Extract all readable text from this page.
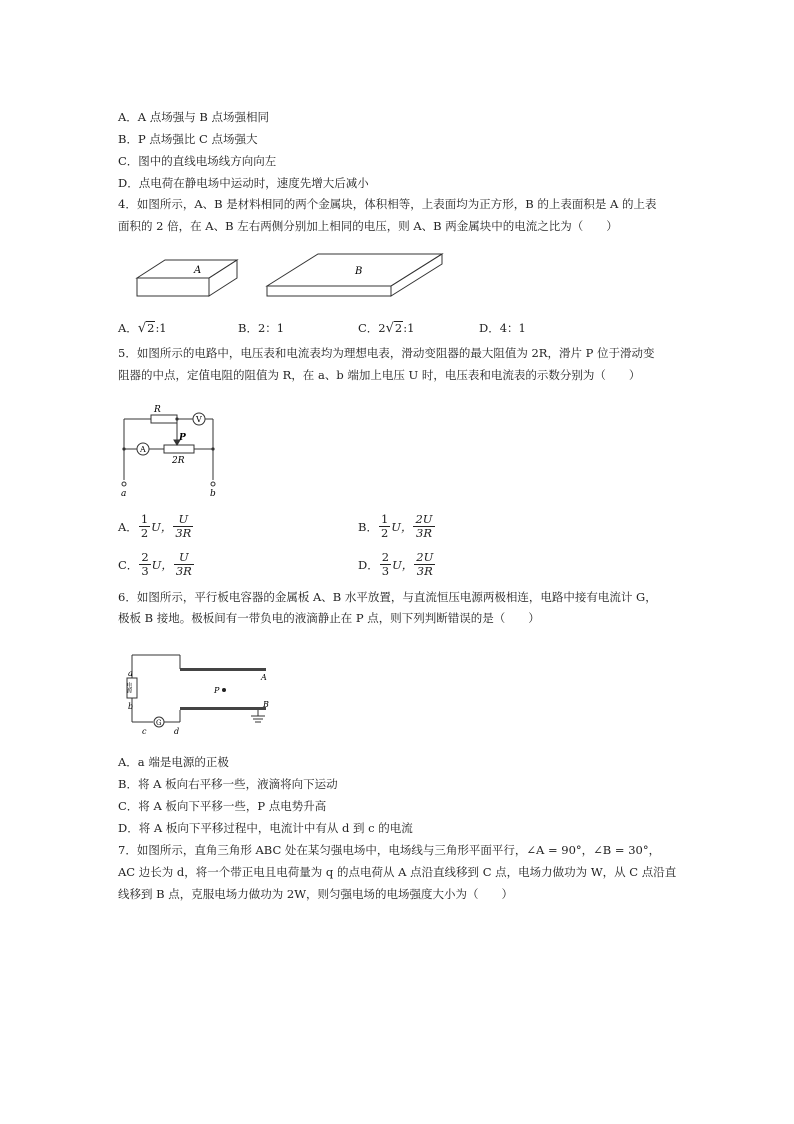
A．A 点场强与 B 点场强相同
B．P 点场强比 C 点场强大
C．图中的直线电场线方向向左
D．点电荷在静电场中运动时，速度先增大后减小
4．如图所示，A、B 是材料相同的两个金属块，体积相等，上表面均为正方形，B 的上表面积是 A 的上表
面积的 2 倍，在 A、B 左右两侧分别加上相同的电压，则 A、B 两金属块中的电流之比为（　　）
A	B
A．√2:1	B．2：1	C．2√2:1	D．4：1
5．如图所示的电路中，电压表和电流表均为理想电表，滑动变阻器的最大阻值为 2R，滑片 P 位于滑动变
阻器的中点，定值电阻的阻值为 R，在 a、b 端加上电压 U 时，电压表和电流表的示数分别为（　　）
R
V
A
P
2R
a	b
A． $\frac{1}{2}$ U， $\frac{U}{3R}$	B． $\frac{1}{2}$ U， $\frac{2U}{3R}$
C． $\frac{2}{3}$ U， $\frac{U}{3R}$	D． $\frac{2}{3}$ U， $\frac{2U}{3R}$
6．如图所示，平行板电容器的金属板 A、B 水平放置，与直流恒压电源两极相连，电路中接有电流计 G，
极板 B 接地。极板间有一带负电的液滴静止在 P 点，则下列判断错误的是（　　）
a
b
电源
A
B
P
G
c	d
A．a 端是电源的正极
B．将 A 板向右平移一些，液滴将向下运动
C．将 A 板向下平移一些，P 点电势升高
D．将 A 板向下平移过程中，电流计中有从 d 到 c 的电流
7．如图所示，直角三角形 ABC 处在某匀强电场中，电场线与三角形平面平行，∠A = 90°，∠B = 30°，
AC 边长为 d，将一个带正电且电荷量为 q 的点电荷从 A 点沿直线移到 C 点，电场力做功为 W，从 C 点沿直
线移到 B 点，克服电场力做功为 2W，则匀强电场的电场强度大小为（　　）
